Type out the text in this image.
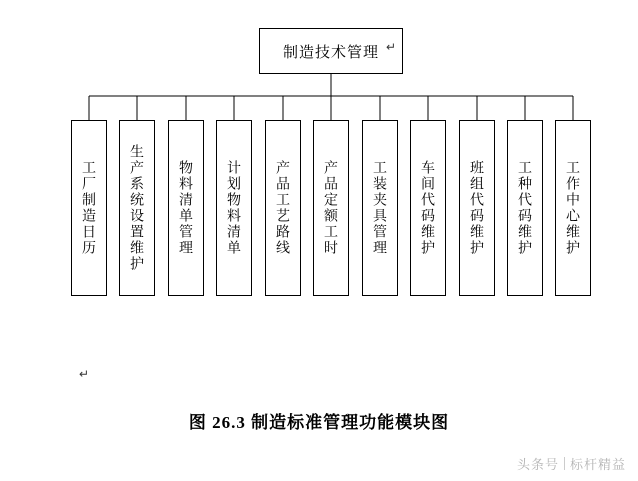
制造技术管理 ↵
工厂制造日历	生产系统设置维护	物料清单管理	计划物料清单	产品工艺路线	产品定额工时	工装夹具管理	车间代码维护	班组代码维护	工种代码维护	工作中心维护
↵
图 26.3 制造标准管理功能模块图
头条号 标杆精益
